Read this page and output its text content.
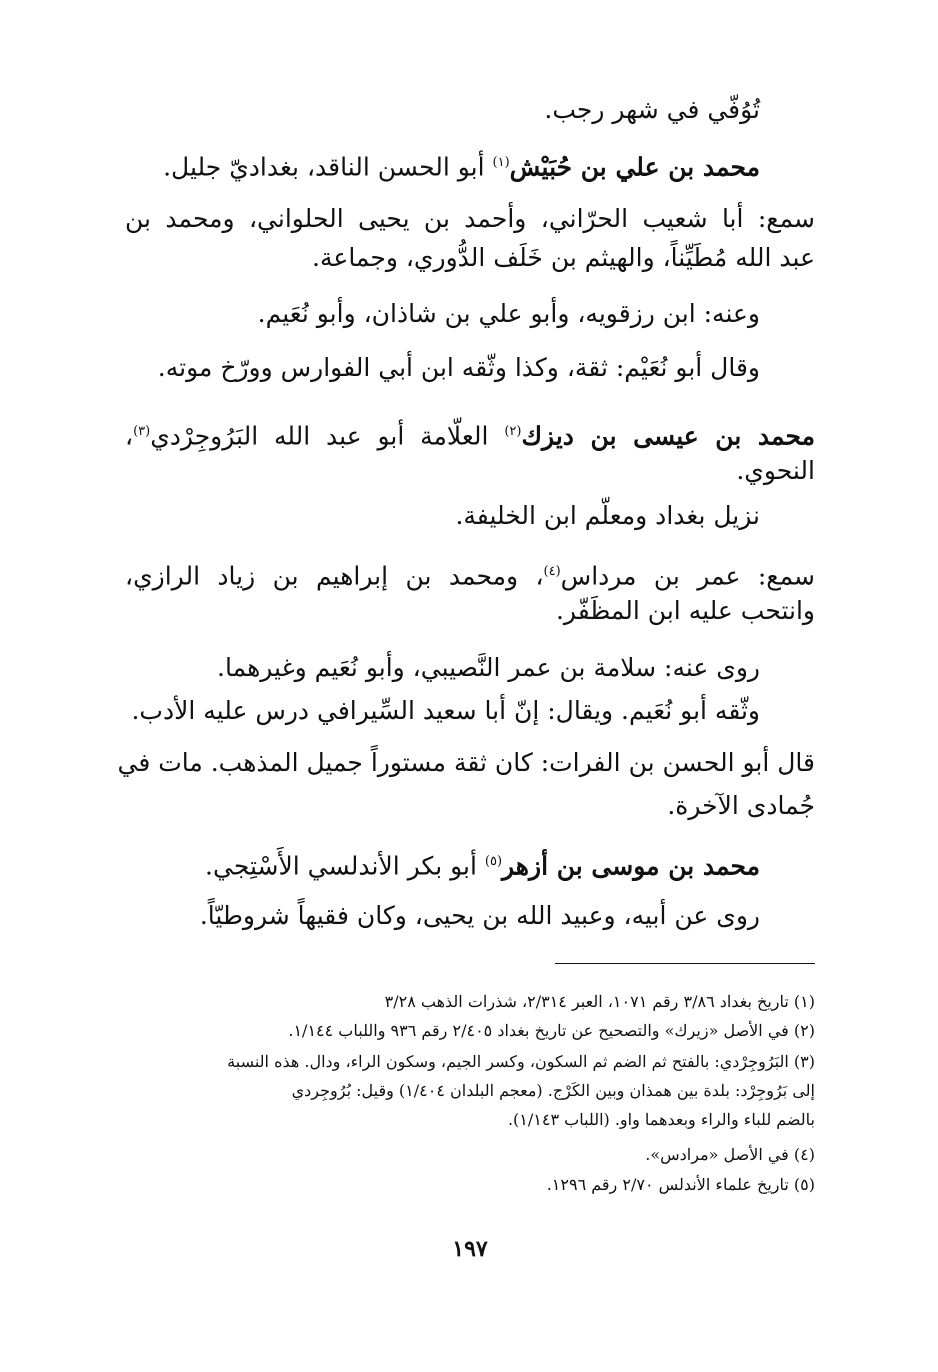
تُوُفّي في شهر رجب.
محمد بن علي بن حُبَيْش$^{(١)}$ أبو الحسن الناقد، بغداديّ جليل.
سمع: أبا شعيب الحرّاني، وأحمد بن يحيى الحلواني، ومحمد بن
عبد الله مُطَيِّناً، والهيثم بن خَلَف الدُّوري، وجماعة.
وعنه: ابن رزقويه، وأبو علي بن شاذان، وأبو نُعَيم.
وقال أبو نُعَيْم: ثقة، وكذا وثّقه ابن أبي الفوارس وورّخ موته.
محمد بن عيسى بن ديزك$^{(٢)}$ العلّامة أبو عبد الله البَرُوجِرْدي$^{(٣)}$،
النحوي.
نزيل بغداد ومعلّم ابن الخليفة.
سمع: عمر بن مرداس$^{(٤)}$، ومحمد بن إبراهيم بن زياد الرازي،
وانتحب عليه ابن المظَفّر.
روى عنه: سلامة بن عمر النَّصيبي، وأبو نُعَيم وغيرهما.
وثّقه أبو نُعَيم. ويقال: إنّ أبا سعيد السِّيرافي درس عليه الأدب.
قال أبو الحسن بن الفرات: كان ثقة مستوراً جميل المذهب. مات في
جُمادى الآخرة.
محمد بن موسى بن أزهر$^{(٥)}$ أبو بكر الأندلسي الأَسْتِجي.
روى عن أبيه، وعبيد الله بن يحيى، وكان فقيهاً شروطيّاً.
(١) تاريخ بغداد ٣/٨٦ رقم ١٠٧١، العبر ٢/٣١٤، شذرات الذهب ٣/٢٨
(٢) في الأصل «زيرك» والتصحيح عن تاريخ بغداد ٢/٤٠٥ رقم ٩٣٦ واللباب ١/١٤٤.
(٣) البَرُوجِرْدي: بالفتح ثم الضم ثم السكون، وكسر الجيم، وسكون الراء، ودال. هذه النسبة
إلى بَرُوجِرْد: بلدة بين همذان وبين الكَرْج. (معجم البلدان ١/٤٠٤) وقيل: بُرُوجِردي
بالضم للباء والراء وبعدهما واو. (اللباب ١/١٤٣).
(٤) في الأصل «مرادس».
(٥) تاريخ علماء الأندلس ٢/٧٠ رقم ١٢٩٦.
١٩٧
